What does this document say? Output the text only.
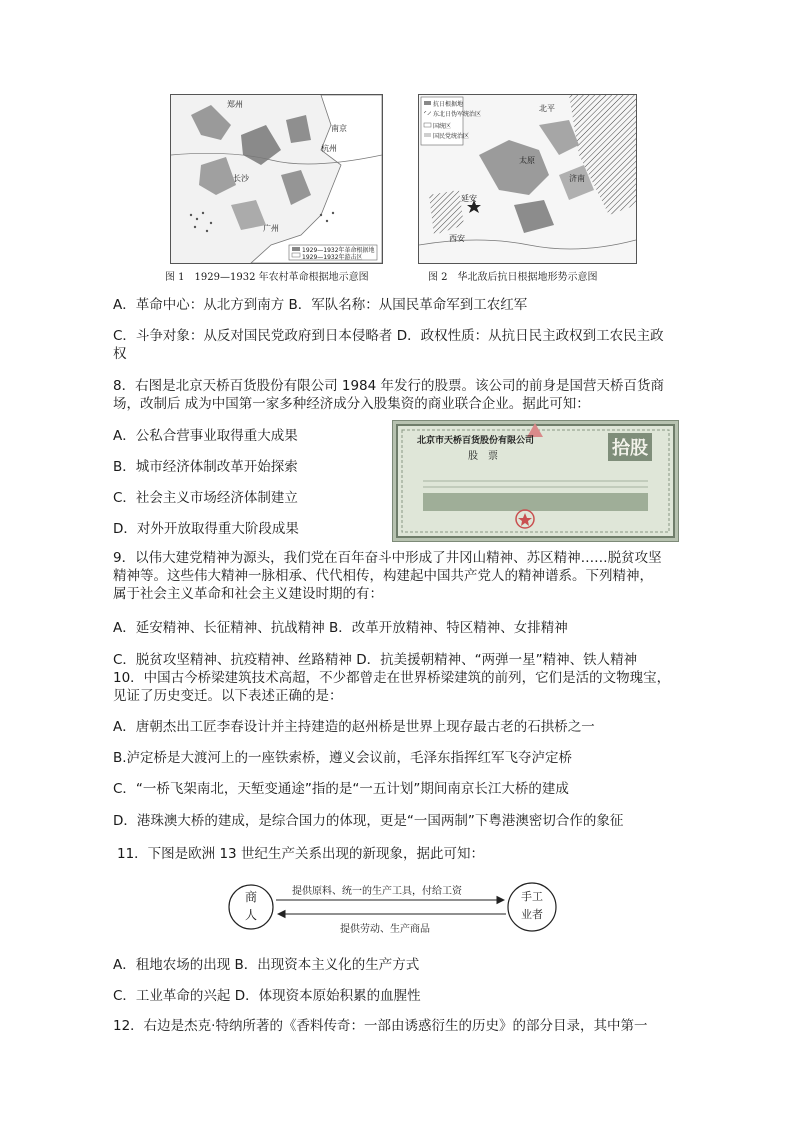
郑州
长沙
广州
南京
杭州
1929—1932年革命根据地
1929—1932年游击区
图 1　1929—1932 年农村革命根据地示意图
抗日根据地
东北日伪军统治区
国统区
国民党统治区
北平
延安
太原
济南
西安
图 2　华北敌后抗日根据地形势示意图
A．革命中心：从北方到南方 B．军队名称：从国民革命军到工农红军
C．斗争对象：从反对国民党政府到日本侵略者 D．政权性质：从抗日民主政权到工农民主政
权
8．右图是北京天桥百货股份有限公司 1984 年发行的股票。该公司的前身是国营天桥百货商
场，改制后 成为中国第一家多种经济成分入股集资的商业联合企业。据此可知：
A．公私合营事业取得重大成果
B．城市经济体制改革开始探索
C．社会主义市场经济体制建立
D．对外开放取得重大阶段成果
北京市天桥百货股份有限公司
股　票	拾股
9．以伟大建党精神为源头，我们党在百年奋斗中形成了井冈山精神、苏区精神……脱贫攻坚
精神等。这些伟大精神一脉相承、代代相传，构建起中国共产党人的精神谱系。下列精神，
属于社会主义革命和社会主义建设时期的有：
A．延安精神、长征精神、抗战精神 B．改革开放精神、特区精神、女排精神
C．脱贫攻坚精神、抗疫精神、丝路精神 D．抗美援朝精神、“两弹一星”精神、铁人精神
10．中国古今桥梁建筑技术高超，不少都曾走在世界桥梁建筑的前列，它们是活的文物瑰宝，
见证了历史变迁。以下表述正确的是：
A．唐朝杰出工匠李春设计并主持建造的赵州桥是世界上现存最古老的石拱桥之一
B.泸定桥是大渡河上的一座铁索桥，遵义会议前，毛泽东指挥红军飞夺泸定桥
C．“一桥飞架南北，天堑变通途”指的是“一五计划”期间南京长江大桥的建成
D．港珠澳大桥的建成，是综合国力的体现，更是“一国两制”下粤港澳密切合作的象征
11．下图是欧洲 13 世纪生产关系出现的新现象，据此可知：
商
人
手工
业者
提供原料、统一的生产工具，付给工资
提供劳动、生产商品
A．租地农场的出现 B．出现资本主义化的生产方式
C．工业革命的兴起 D．体现资本原始积累的血腥性
12．右边是杰克·特纳所著的《香料传奇：一部由诱惑衍生的历史》的部分目录，其中第一
